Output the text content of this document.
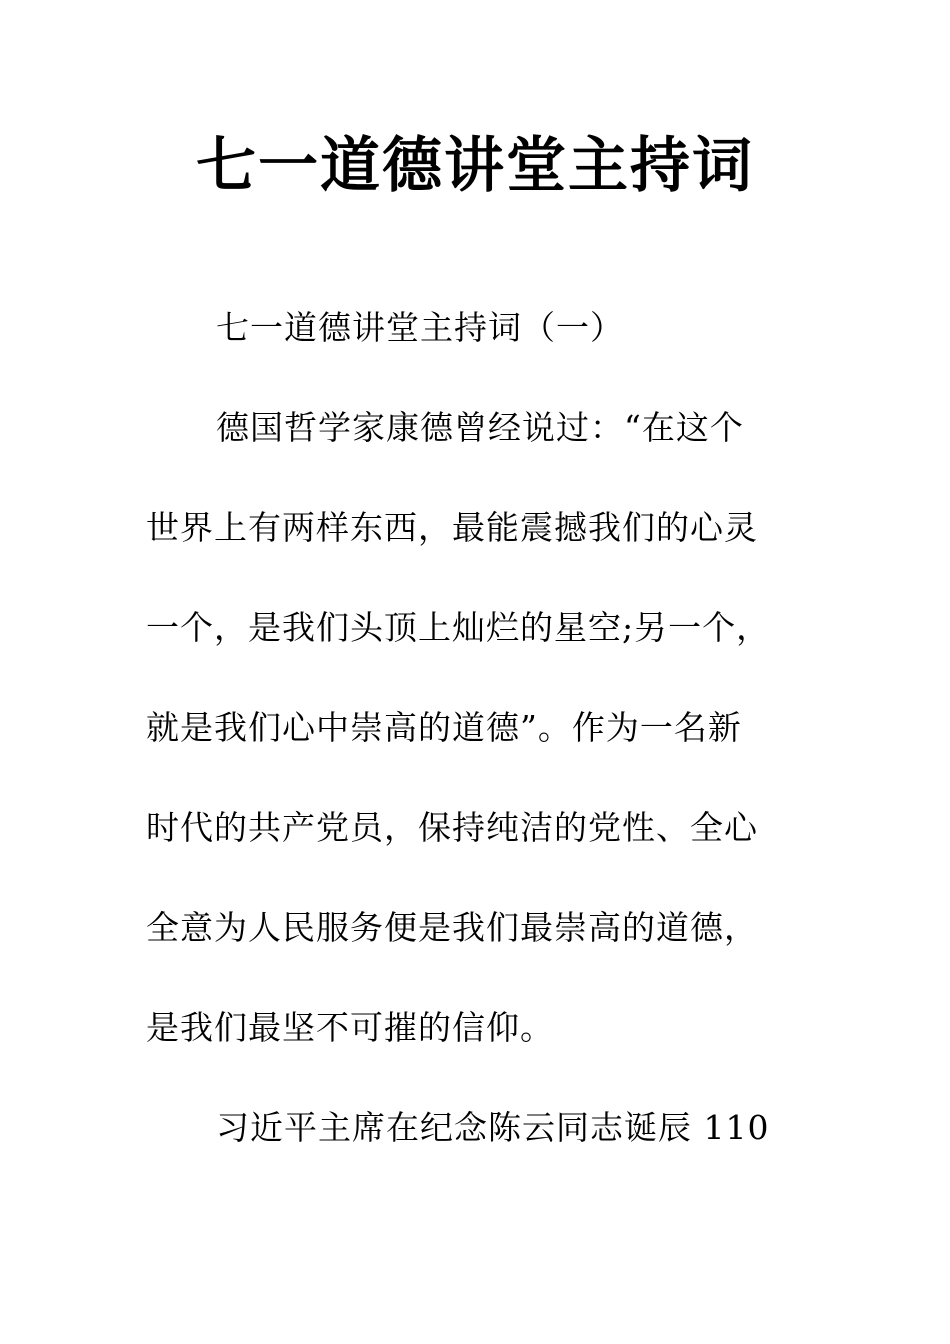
七一道德讲堂主持词
七一道德讲堂主持词（一）
德国哲学家康德曾经说过：“在这个
世界上有两样东西，最能震撼我们的心灵
一个，是我们头顶上灿烂的星空;另一个，
就是我们心中崇高的道德”。作为一名新
时代的共产党员，保持纯洁的党性、全心
全意为人民服务便是我们最崇高的道德，
是我们最坚不可摧的信仰。
习近平主席在纪念陈云同志诞辰 110
